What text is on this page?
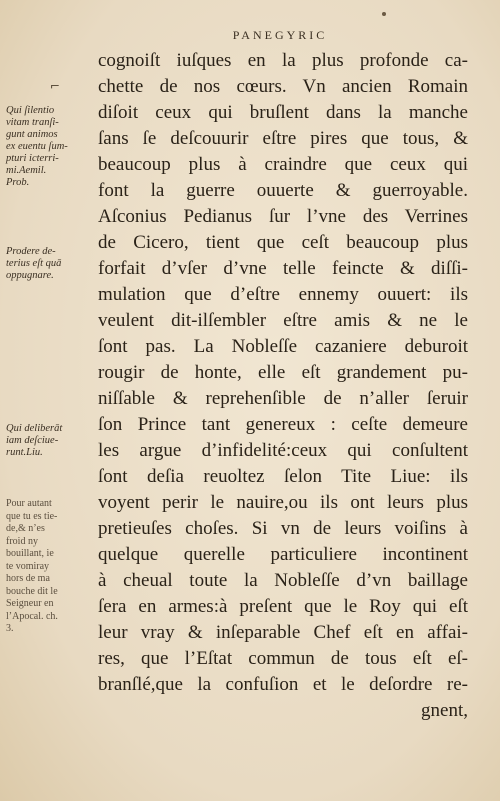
PANEGYRIC
⌐
cognoiſt iuſques en la plus profonde ca-
chette de nos cœurs. Vn ancien Romain
diſoit ceux qui bruſlent dans la manche
ſans ſe deſcouurir eſtre pires que tous, &
beaucoup plus à craindre que ceux qui
font la guerre ouuerte & guerroyable.
Aſconius Pedianus ſur l’vne des Verrines
de Cicero, tient que ceſt beaucoup plus
forfait d’vſer d’vne telle feincte & diſſi-
mulation que d’eſtre ennemy ouuert: ils
veulent dit-ilſembler eſtre amis & ne le
ſont pas. La Nobleſſe cazaniere deburoit
rougir de honte, elle eſt grandement pu-
niſſable & reprehenſible de n’aller ſeruir
ſon Prince tant genereux : ceſte demeure
les argue d’infidelité:ceux qui conſultent
ſont deſia reuoltez ſelon Tite Liue: ils
voyent perir le nauire,ou ils ont leurs plus
pretieuſes choſes. Si vn de leurs voiſins à
quelque querelle particuliere incontinent
à cheual toute la Nobleſſe d’vn baillage
ſera en armes:à preſent que le Roy qui eſt
leur vray & inſeparable Chef eſt en affai-
res, que l’Eſtat commun de tous eſt eſ-
branſlé,que la confuſion et le deſordre re-
gnent,
Qui ſilentio
vitam tranſi-
gunt animos
ex euentu ſum-
pturi icterri-
mi.Aemil.
Prob.
Prodere de-
terius eſt quā
oppugnare.
Qui deliberāt
iam deſciue-
runt.Liu.
Pour autant
que tu es tie-
de,& n’es
froid ny
bouillant, ie
te vomiray
hors de ma
bouche dit le
Seigneur en
l’Apocal. ch.
3.
